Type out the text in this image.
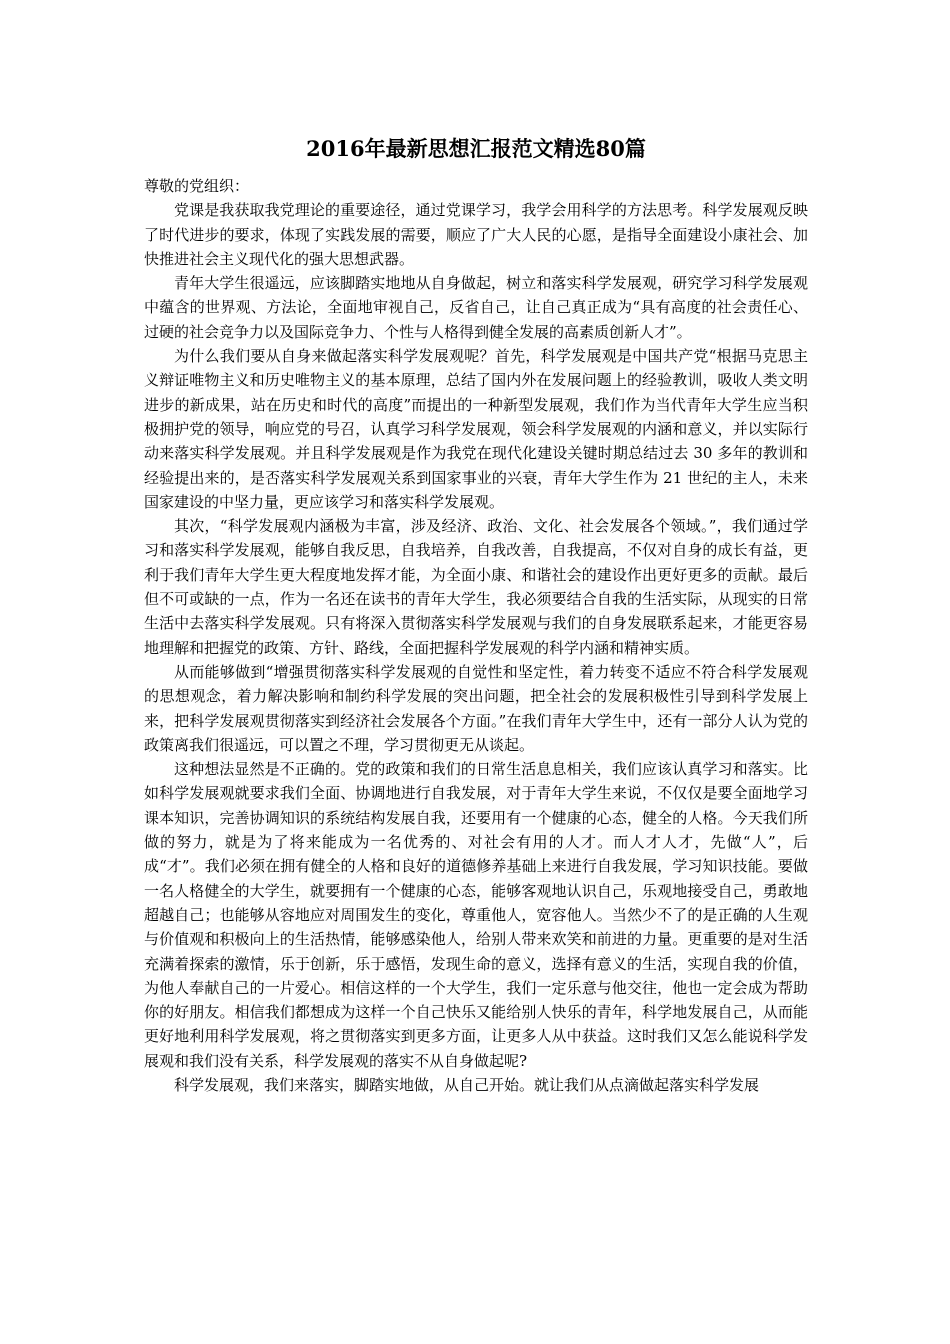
2016年最新思想汇报范文精选80篇

尊敬的党组织：

党课是我获取我党理论的重要途径，通过党课学习，我学会用科学的方法思考。科学发展观反映了时代进步的要求，体现了实践发展的需要，顺应了广大人民的心愿，是指导全面建设小康社会、加快推进社会主义现代化的强大思想武器。

青年大学生很遥远，应该脚踏实地地从自身做起，树立和落实科学发展观，研究学习科学发展观中蕴含的世界观、方法论，全面地审视自己，反省自己，让自己真正成为“具有高度的社会责任心、过硬的社会竞争力以及国际竞争力、个性与人格得到健全发展的高素质创新人才”。

为什么我们要从自身来做起落实科学发展观呢？首先，科学发展观是中国共产党“根据马克思主义辩证唯物主义和历史唯物主义的基本原理，总结了国内外在发展问题上的经验教训，吸收人类文明进步的新成果，站在历史和时代的高度”而提出的一种新型发展观，我们作为当代青年大学生应当积极拥护党的领导，响应党的号召，认真学习科学发展观，领会科学发展观的内涵和意义，并以实际行动来落实科学发展观。并且科学发展观是作为我党在现代化建设关键时期总结过去 30 多年的教训和经验提出来的，是否落实科学发展观关系到国家事业的兴衰，青年大学生作为 21 世纪的主人，未来国家建设的中坚力量，更应该学习和落实科学发展观。

其次，“科学发展观内涵极为丰富，涉及经济、政治、文化、社会发展各个领域。”，我们通过学习和落实科学发展观，能够自我反思，自我培养，自我改善，自我提高，不仅对自身的成长有益，更利于我们青年大学生更大程度地发挥才能，为全面小康、和谐社会的建设作出更好更多的贡献。最后但不可或缺的一点，作为一名还在读书的青年大学生，我必须要结合自我的生活实际，从现实的日常生活中去落实科学发展观。只有将深入贯彻落实科学发展观与我们的自身发展联系起来，才能更容易地理解和把握党的政策、方针、路线，全面把握科学发展观的科学内涵和精神实质。

从而能够做到“增强贯彻落实科学发展观的自觉性和坚定性，着力转变不适应不符合科学发展观的思想观念，着力解决影响和制约科学发展的突出问题，把全社会的发展积极性引导到科学发展上来，把科学发展观贯彻落实到经济社会发展各个方面。”在我们青年大学生中，还有一部分人认为党的政策离我们很遥远，可以置之不理，学习贯彻更无从谈起。

这种想法显然是不正确的。党的政策和我们的日常生活息息相关，我们应该认真学习和落实。比如科学发展观就要求我们全面、协调地进行自我发展，对于青年大学生来说，不仅仅是要全面地学习课本知识，完善协调知识的系统结构发展自我，还要用有一个健康的心态，健全的人格。今天我们所做的努力，就是为了将来能成为一名优秀的、对社会有用的人才。而人才人才，先做“人”，后成“才”。我们必须在拥有健全的人格和良好的道德修养基础上来进行自我发展，学习知识技能。要做一名人格健全的大学生，就要拥有一个健康的心态，能够客观地认识自己，乐观地接受自己，勇敢地超越自己；也能够从容地应对周围发生的变化，尊重他人，宽容他人。当然少不了的是正确的人生观与价值观和积极向上的生活热情，能够感染他人，给别人带来欢笑和前进的力量。更重要的是对生活充满着探索的激情，乐于创新，乐于感悟，发现生命的意义，选择有意义的生活，实现自我的价值，为他人奉献自己的一片爱心。相信这样的一个大学生，我们一定乐意与他交往，他也一定会成为帮助你的好朋友。相信我们都想成为这样一个自己快乐又能给别人快乐的青年，科学地发展自己，从而能更好地利用科学发展观，将之贯彻落实到更多方面，让更多人从中获益。这时我们又怎么能说科学发展观和我们没有关系，科学发展观的落实不从自身做起呢?

科学发展观，我们来落实，脚踏实地做，从自己开始。就让我们从点滴做起落实科学发展
